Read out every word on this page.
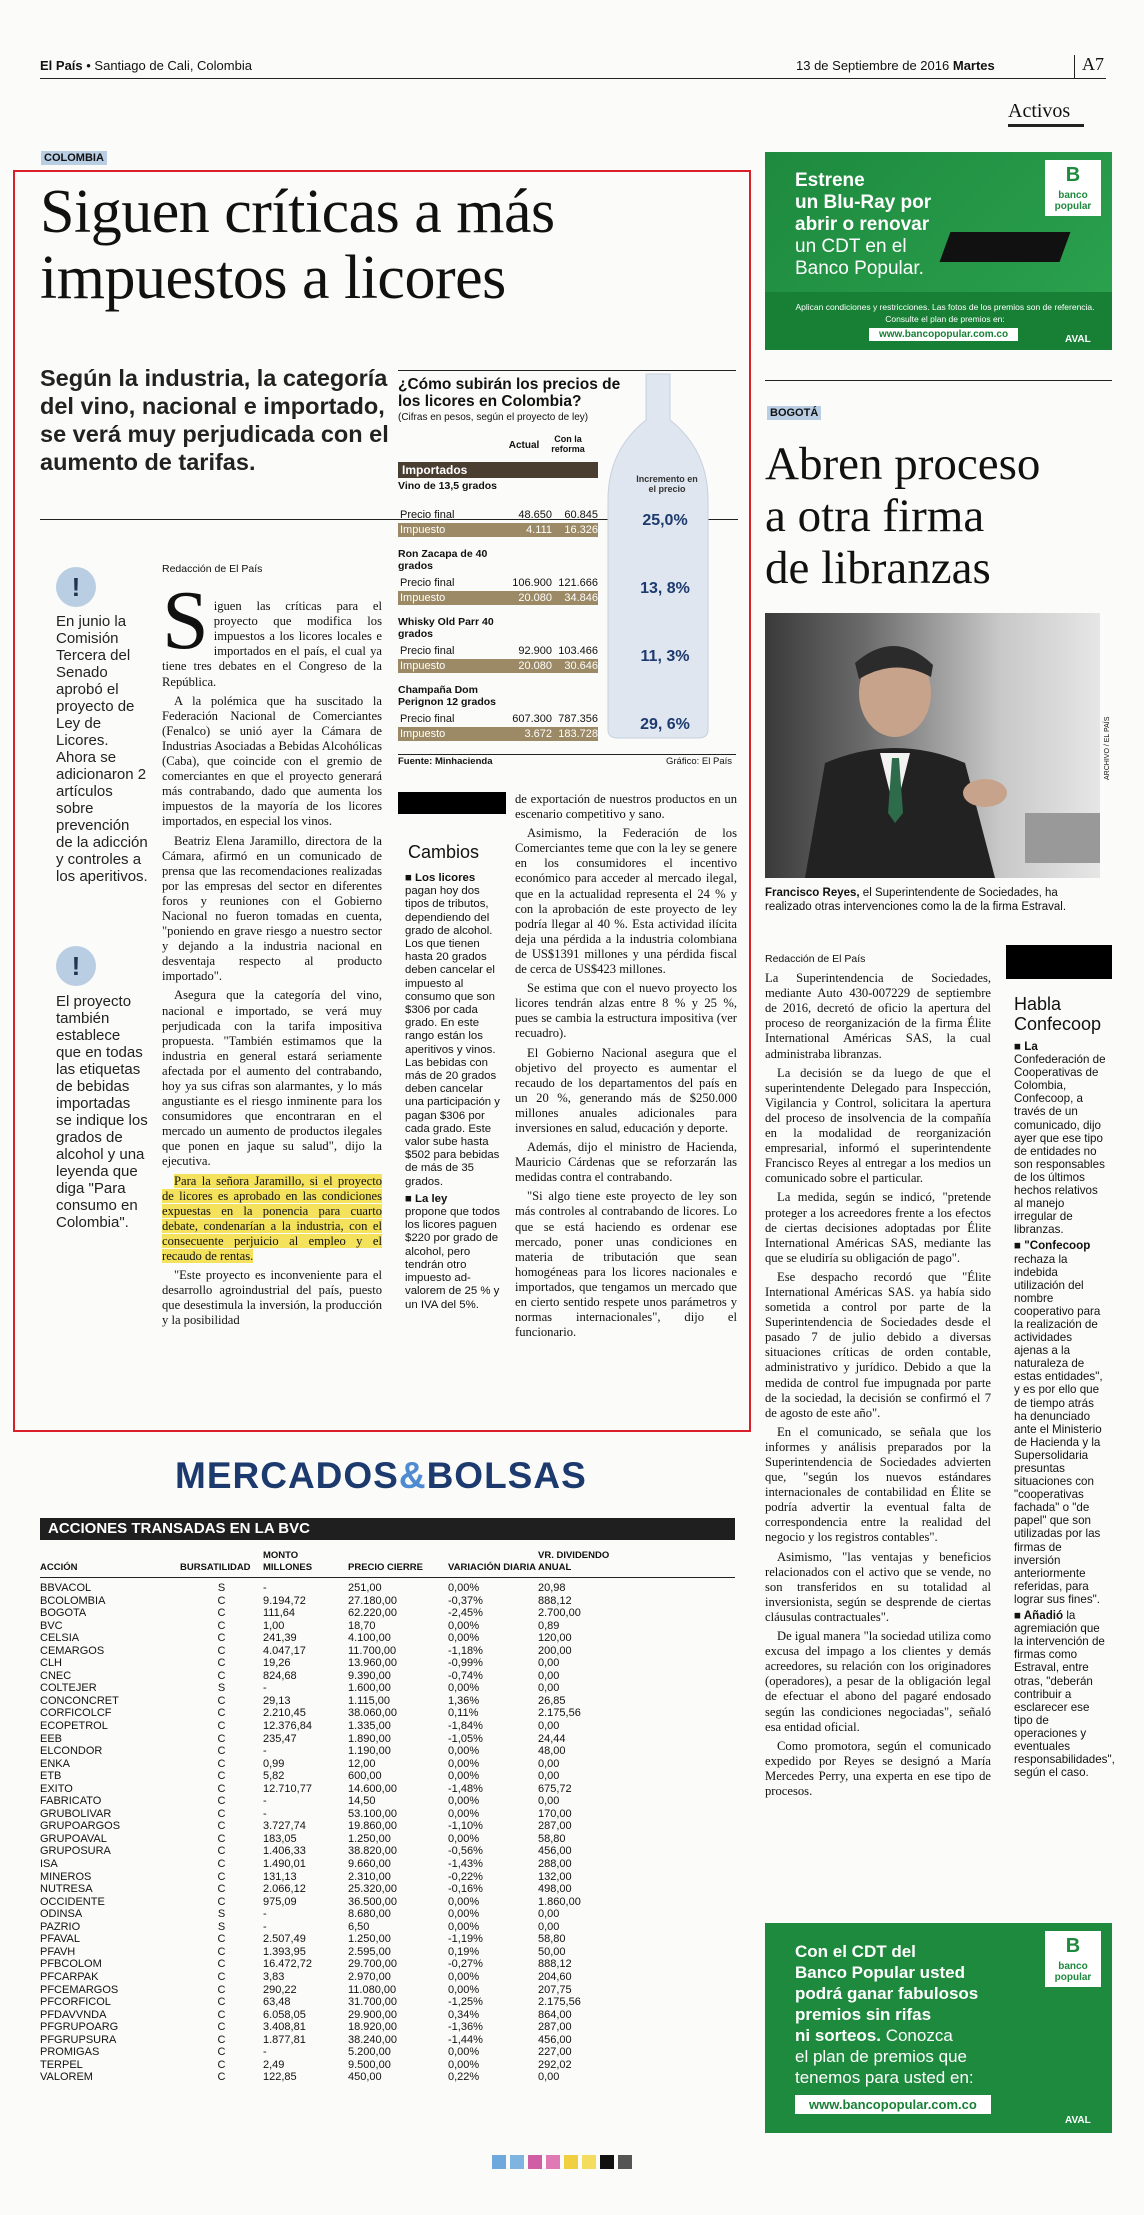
El País • Santiago de Cali, Colombia	13 de Septiembre de 2016 Martes	A7
Activos
COLOMBIA
Siguen críticas a más
impuestos a licores
Según la industria, la categoría del vino, nacional e importado, se verá muy perjudicada con el aumento de tarifas.
!
En junio la Comisión Tercera del Senado aprobó el proyecto de Ley de Licores. Ahora se adicionaron 2 artículos sobre prevención de la adicción y controles a los aperitivos.
!
El proyecto también establece que en todas las etiquetas de bebidas importadas se indique los grados de alcohol y una leyenda que diga "Para consumo en Colombia".
Redacción de El País
S iguen las críticas para el proyecto que modifica los impuestos a los licores locales e importados en el país, el cual ya tiene tres debates en el Congreso de la República.

A la polémica que ha suscitado la Federación Nacional de Comerciantes (Fenalco) se unió ayer la Cámara de Industrias Asociadas a Bebidas Alcohólicas (Caba), que coincide con el gremio de comerciantes en que el proyecto generará más contrabando, dado que aumenta los impuestos de la mayoría de los licores importados, en especial los vinos.

Beatriz Elena Jaramillo, directora de la Cámara, afirmó en un comunicado de prensa que las recomendaciones realizadas por las empresas del sector en diferentes foros y reuniones con el Gobierno Nacional no fueron tomadas en cuenta, "poniendo en grave riesgo a nuestro sector y dejando a la industria nacional en desventaja respecto al producto importado".

Asegura que la categoría del vino, nacional e importado, se verá muy perjudicada con la tarifa impositiva propuesta. "También estimamos que la industria en general estará seriamente afectada por el aumento del contrabando, hoy ya sus cifras son alarmantes, y lo más angustiante es el riesgo inminente para los consumidores que encontraran en el mercado un aumento de productos ilegales que ponen en jaque su salud", dijo la ejecutiva.

Para la señora Jaramillo, si el proyecto de licores es aprobado en las condiciones expuestas en la ponencia para cuarto debate, condenarían a la industria, con el consecuente perjuicio al empleo y el recaudo de rentas.

"Este proyecto es inconveniente para el desarrollo agroindustrial del país, puesto que desestimula la inversión, la producción y la posibilidad

¿Cómo subirán los precios de los licores en Colombia?
(Cifras en pesos, según el proyecto de ley)
Actual
Con la reforma
Incremento en el precio
Importados
Vino de 13,5 grados
Precio final	48.650	60.845
Impuesto	4.111	16.326
25,0%
Ron Zacapa de 40 grados
Precio final	106.900 121.666
Impuesto	20.080	34.846
13, 8%
Whisky Old Parr 40 grados
Precio final	92.900 103.466
Impuesto	20.080	30.646
11, 3%
Champaña Dom Perignon 12 grados
Precio final	607.300 787.356
Impuesto	3.672 183.728
29, 6%
Fuente: Minhacienda	Gráfico: El País
Cambios
■ Los licores
pagan hoy dos tipos de tributos, dependiendo del grado de alcohol. Los que tienen hasta 20 grados deben cancelar el impuesto al consumo que son $306 por cada grado. En este rango están los aperitivos y vinos. Las bebidas con más de 20 grados deben cancelar una participación y pagan $306 por cada grado. Este valor sube hasta $502 para bebidas de más de 35 grados.
■ La ley
propone que todos los licores paguen $220 por grado de alcohol, pero tendrán otro impuesto ad-valorem de 25 % y un IVA del 5%.

de exportación de nuestros productos en un escenario competitivo y sano.

Asimismo, la Federación de los Comerciantes teme que con la ley se genere en los consumidores el incentivo económico para acceder al mercado ilegal, que en la actualidad representa el 24 % y con la aprobación de este proyecto de ley podría llegar al 40 %. Esta actividad ilícita deja una pérdida a la industria colombiana de US$1391 millones y una pérdida fiscal de cerca de US$423 millones.

Se estima que con el nuevo proyecto los licores tendrán alzas entre 8 % y 25 %, pues se cambia la estructura impositiva (ver recuadro).

El Gobierno Nacional asegura que el objetivo del proyecto es aumentar el recaudo de los departamentos del país en un 20 %, generando más de $250.000 millones anuales adicionales para inversiones en salud, educación y deporte.

Además, dijo el ministro de Hacienda, Mauricio Cárdenas que se reforzarán las medidas contra el contrabando.

"Si algo tiene este proyecto de ley son más controles al contrabando de licores. Lo que se está haciendo es ordenar ese mercado, poner unas condiciones en materia de tributación que sean homogéneas para los licores nacionales e importados, que tengamos un mercado que en cierto sentido respete unos parámetros y normas internacionales", dijo el funcionario.

Estrene
un Blu-Ray por
abrir o renovar
un CDT en el
Banco Popular.
B
banco popular
Aplican condiciones y restricciones. Las fotos de los premios son de referencia.
Consulte el plan de premios en:
www.bancopopular.com.co	AVAL
BOGOTÁ
Abren proceso
a otra firma
de libranzas
ARCHIVO / EL PAÍS
Francisco Reyes, el Superintendente de Sociedades, ha realizado otras intervenciones como la de la firma Estraval.
Redacción de El País

La Superintendencia de Sociedades, mediante Auto 430-007229 de septiembre de 2016, decretó de oficio la apertura del proceso de reorganización de la firma Élite International Américas SAS, la cual administraba libranzas.

La decisión se da luego de que el superintendente Delegado para Inspección, Vigilancia y Control, solicitara la apertura del proceso de insolvencia de la compañía en la modalidad de reorganización empresarial, informó el superintendente Francisco Reyes al entregar a los medios un comunicado sobre el particular.

La medida, según se indicó, "pretende proteger a los acreedores frente a los efectos de ciertas decisiones adoptadas por Élite International Américas SAS, mediante las que se eludiría su obligación de pago".

Ese despacho recordó que "Élite International Américas SAS. ya había sido sometida a control por parte de la Superintendencia de Sociedades desde el pasado 7 de julio debido a diversas situaciones críticas de orden contable, administrativo y jurídico. Debido a que la medida de control fue impugnada por parte de la sociedad, la decisión se confirmó el 7 de agosto de este año".

En el comunicado, se señala que los informes y análisis preparados por la Superintendencia de Sociedades advierten que, "según los nuevos estándares internacionales de contabilidad en Élite se podría advertir la eventual falta de correspondencia entre la realidad del negocio y los registros contables".

Asimismo, "las ventajas y beneficios relacionados con el activo que se vende, no son transferidos en su totalidad al inversionista, según se desprende de ciertas cláusulas contractuales".

De igual manera "la sociedad utiliza como excusa del impago a los clientes y demás acreedores, su relación con los originadores (operadores), a pesar de la obligación legal de efectuar el abono del pagaré endosado según las condiciones negociadas", señaló esa entidad oficial.

Como promotora, según el comunicado expedido por Reyes se designó a María Mercedes Perry, una experta en ese tipo de procesos.

Habla Confecoop
■ La Confederación de Cooperativas de Colombia, Confecoop, a través de un comunicado, dijo ayer que ese tipo de entidades no son responsables de los últimos hechos relativos al manejo irregular de libranzas.
■ "Confecoop rechaza la indebida utilización del nombre cooperativo para la realización de actividades ajenas a la naturaleza de estas entidades", y es por ello que de tiempo atrás ha denunciado ante el Ministerio de Hacienda y la Supersolidaria presuntas situaciones con "cooperativas fachada" o "de papel" que son utilizadas por las firmas de inversión anteriormente referidas, para lograr sus fines".
■ Añadió la agremiación que la intervención de firmas como Estraval, entre otras, "deberán contribuir a esclarecer ese tipo de operaciones y eventuales responsabilidades", según el caso.
MERCADOS&BOLSAS
ACCIONES TRANSADAS EN LA BVC
ACCIÓN	BURSATILIDAD
MONTO MILLONES	PRECIO CIERRE	VARIACIÓN DIARIA
VR. DIVIDENDO ANUAL
BBVACOL	S	-	251,00	0,00%	20,98
BCOLOMBIA	C	9.194,72	27.180,00	-0,37%	888,12
BOGOTA	C	111,64	62.220,00	-2,45%	2.700,00
BVC	C	1,00	18,70	0,00%	0,89
CELSIA	C	241,39	4.100,00	0,00%	120,00
CEMARGOS	C	4.047,17	11.700,00	-1,18%	200,00
CLH	C	19,26	13.960,00	-0,99%	0,00
CNEC	C	824,68	9.390,00	-0,74%	0,00
COLTEJER	S	-	1.600,00	0,00%	0,00
CONCONCRET	C	29,13	1.115,00	1,36%	26,85
CORFICOLCF	C	2.210,45	38.060,00	0,11%	2.175,56
ECOPETROL	C	12.376,84	1.335,00	-1,84%	0,00
EEB	C	235,47	1.890,00	-1,05%	24,44
ELCONDOR	C	-	1.190,00	0,00%	48,00
ENKA	C	0,99	12,00	0,00%	0,00
ETB	C	5,82	600,00	0,00%	0,00
EXITO	C	12.710,77	14.600,00	-1,48%	675,72
FABRICATO	C	-	14,50	0,00%	0,00
GRUBOLIVAR	C	-	53.100,00	0,00%	170,00
GRUPOARGOS	C	3.727,74	19.860,00	-1,10%	287,00
GRUPOAVAL	C	183,05	1.250,00	0,00%	58,80
GRUPOSURA	C	1.406,33	38.820,00	-0,56%	456,00
ISA	C	1.490,01	9.660,00	-1,43%	288,00
MINEROS	C	131,13	2.310,00	-0,22%	132,00
NUTRESA	C	2.066,12	25.320,00	-0,16%	498,00
OCCIDENTE	C	975,09	36.500,00	0,00%	1.860,00
ODINSA	S	-	8.680,00	0,00%	0,00
PAZRIO	S	-	6,50	0,00%	0,00
PFAVAL	C	2.507,49	1.250,00	-1,19%	58,80
PFAVH	C	1.393,95	2.595,00	0,19%	50,00
PFBCOLOM	C	16.472,72	29.700,00	-0,27%	888,12
PFCARPAK	C	3,83	2.970,00	0,00%	204,60
PFCEMARGOS	C	290,22	11.080,00	0,00%	207,75
PFCORFICOL	C	63,48	31.700,00	-1,25%	2.175,56
PFDAVVNDA	C	6.058,05	29.900,00	0,34%	864,00
PFGRUPOARG	C	3.408,81	18.920,00	-1,36%	287,00
PFGRUPSURA	C	1.877,81	38.240,00	-1,44%	456,00
PROMIGAS	C	-	5.200,00	0,00%	227,00
TERPEL	C	2,49	9.500,00	0,00%	292,02
VALOREM	C	122,85	450,00	0,22%	0,00
Con el CDT del
Banco Popular usted
podrá ganar fabulosos
premios sin rifas
ni sorteos. Conozca
el plan de premios que
tenemos para usted en:
B
banco popular
www.bancopopular.com.co
AVAL
